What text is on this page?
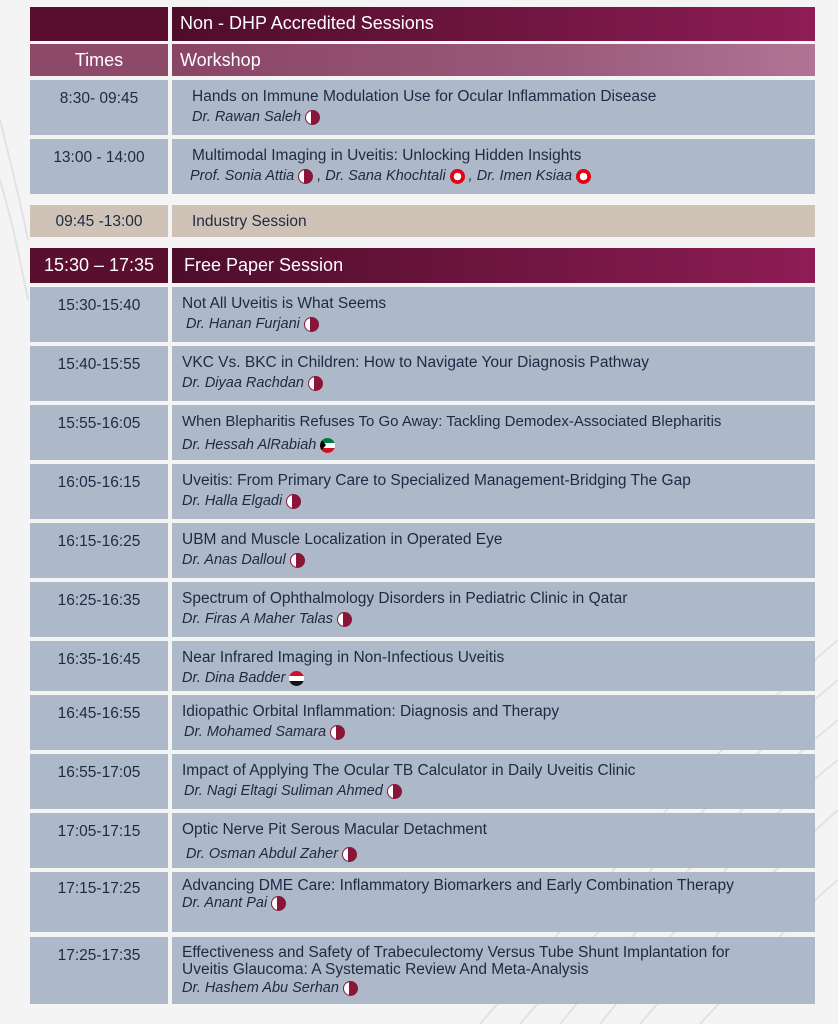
Non - DHP Accredited Sessions
Times	Workshop
8:30- 09:45	Hands on Immune Modulation Use for Ocular Inflammation Disease
Dr. Rawan Saleh
13:00 - 14:00	Multimodal Imaging in Uveitis: Unlocking Hidden Insights
Prof. Sonia Attia , Dr. Sana Khochtali , Dr. Imen Ksiaa
09:45 -13:00	Industry Session
15:30 – 17:35	Free Paper Session
15:30-15:40	Not All Uveitis is What Seems
Dr. Hanan Furjani
15:40-15:55	VKC Vs. BKC in Children: How to Navigate Your Diagnosis Pathway
Dr. Diyaa Rachdan
15:55-16:05	When Blepharitis Refuses To Go Away: Tackling Demodex-Associated Blepharitis
Dr. Hessah AlRabiah
16:05-16:15	Uveitis: From Primary Care to Specialized Management-Bridging The Gap
Dr. Halla Elgadi
16:15-16:25	UBM and Muscle Localization in Operated Eye
Dr. Anas Dalloul
16:25-16:35	Spectrum of Ophthalmology Disorders in Pediatric Clinic in Qatar
Dr. Firas A Maher Talas
16:35-16:45	Near Infrared Imaging in Non-Infectious Uveitis
Dr. Dina Badder
16:45-16:55	Idiopathic Orbital Inflammation: Diagnosis and Therapy
Dr. Mohamed Samara
16:55-17:05	Impact of Applying The Ocular TB Calculator in Daily Uveitis Clinic
Dr. Nagi Eltagi Suliman Ahmed
17:05-17:15	Optic Nerve Pit Serous Macular Detachment
Dr. Osman Abdul Zaher
17:15-17:25	Advancing DME Care: Inflammatory Biomarkers and Early Combination Therapy
Dr. Anant Pai
17:25-17:35	Effectiveness and Safety of Trabeculectomy Versus Tube Shunt Implantation for Uveitis Glaucoma: A Systematic Review And Meta-Analysis
Dr. Hashem Abu Serhan
